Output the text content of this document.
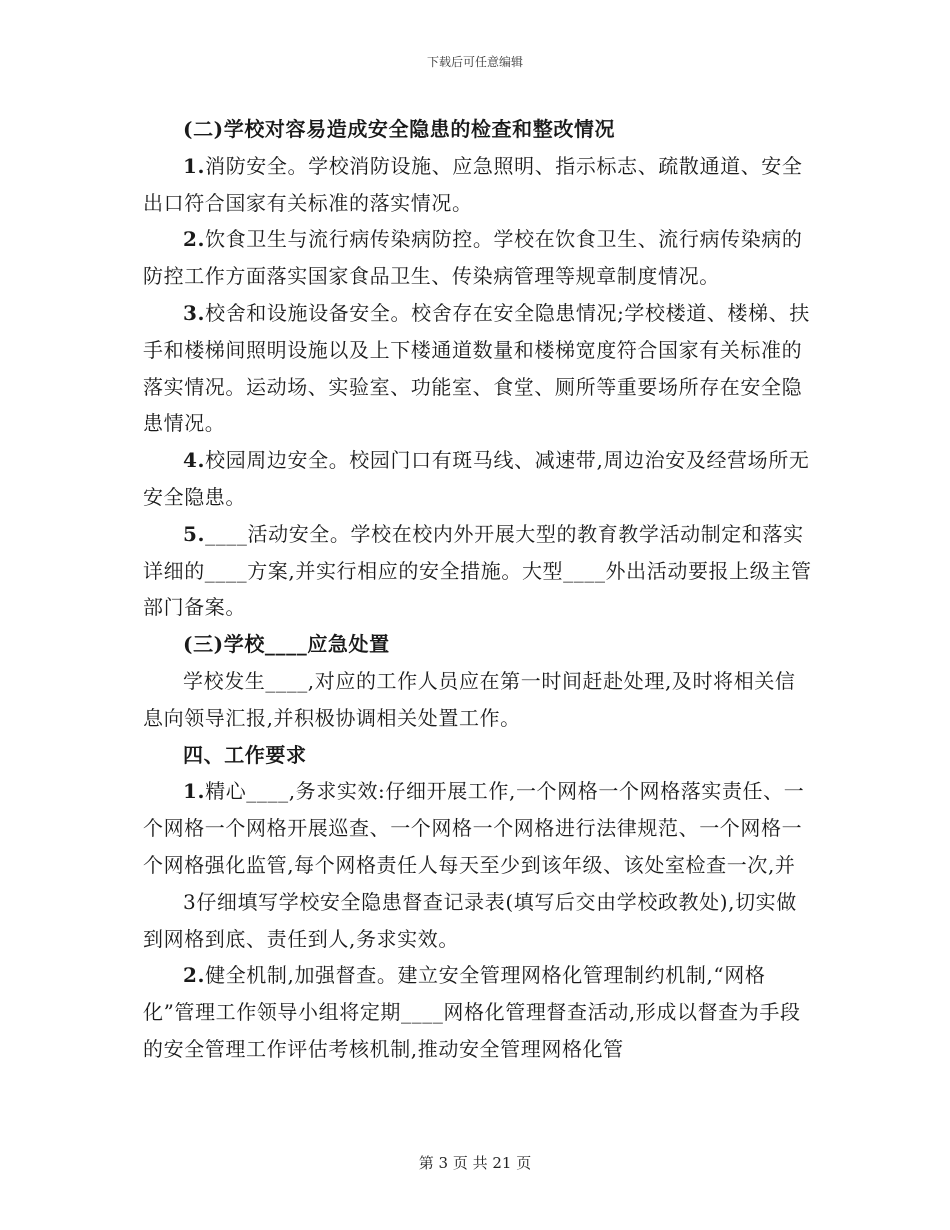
下载后可任意编辑

(二)学校对容易造成安全隐患的检查和整改情况

1.消防安全。学校消防设施、应急照明、指示标志、疏散通道、安全出口符合国家有关标准的落实情况。

2.饮食卫生与流行病传染病防控。学校在饮食卫生、流行病传染病的防控工作方面落实国家食品卫生、传染病管理等规章制度情况。

3.校舍和设施设备安全。校舍存在安全隐患情况;学校楼道、楼梯、扶手和楼梯间照明设施以及上下楼通道数量和楼梯宽度符合国家有关标准的落实情况。运动场、实验室、功能室、食堂、厕所等重要场所存在安全隐患情况。

4.校园周边安全。校园门口有斑马线、减速带,周边治安及经营场所无安全隐患。

5.____活动安全。学校在校内外开展大型的教育教学活动制定和落实详细的____方案,并实行相应的安全措施。大型____外出活动要报上级主管部门备案。

(三)学校____应急处置

学校发生____,对应的工作人员应在第一时间赶赴处理,及时将相关信息向领导汇报,并积极协调相关处置工作。

四、工作要求

1.精心____,务求实效:仔细开展工作,一个网格一个网格落实责任、一个网格一个网格开展巡查、一个网格一个网格进行法律规范、一个网格一个网格强化监管,每个网格责任人每天至少到该年级、该处室检查一次,并

3仔细填写学校安全隐患督查记录表(填写后交由学校政教处),切实做到网格到底、责任到人,务求实效。

2.健全机制,加强督查。建立安全管理网格化管理制约机制,“网格化”管理工作领导小组将定期____网格化管理督查活动,形成以督查为手段的安全管理工作评估考核机制,推动安全管理网格化管

第 3 页 共 21 页
